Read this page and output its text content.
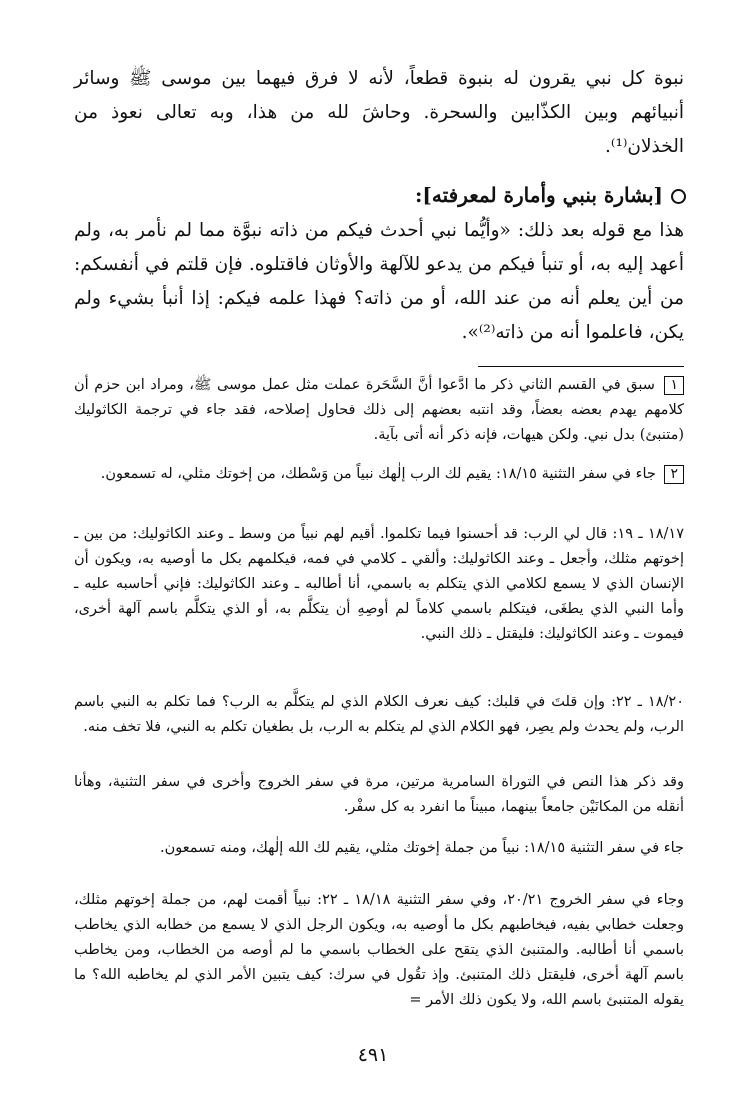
نبوة كل نبي يقرون له بنبوة قطعاً، لأنه لا فرق فيهما بين موسى ﷺ وسائر أنبيائهم وبين الكذّابين والسحرة. وحاشَ لله من هذا، وبه تعالى نعوذ من الخذلان⁽¹⁾.

[بشارة بنبي وأمارة لمعرفته]:

هذا مع قوله بعد ذلك: «وأيُّما نبي أحدث فيكم من ذاته نبوَّة مما لم نأمر به، ولم أعهد إليه به، أو تنبأ فيكم من يدعو للآلهة والأوثان فاقتلوه. فإن قلتم في أنفسكم: من أين يعلم أنه من عند الله، أو من ذاته؟ فهذا علمه فيكم: إذا أنبأ بشيء ولم يكن، فاعلموا أنه من ذاته⁽²⁾».

١ سبق في القسم الثاني ذكر ما ادَّعوا أنَّ السَّحَرة عملت مثل عمل موسى ﷺ، ومراد ابن حزم أن كلامهم يهدم بعضه بعضاً، وقد انتبه بعضهم إلى ذلك فحاول إصلاحه، فقد جاء في ترجمة الكاثوليك (متنبئ) بدل نبي. ولكن هيهات، فإنه ذكر أنه أتى بآية.

٢ جاء في سفر التثنية ١٨/١٥: يقيم لك الرب إلٰهك نبياً من وَسْطك، من إخوتك مثلي، له تسمعون.

١٨/١٧ ـ ١٩: قال لي الرب: قد أحسنوا فيما تكلموا. أقيم لهم نبياً من وسط ـ وعند الكاثوليك: من بين ـ إخوتهم مثلك، وأجعل ـ وعند الكاثوليك: وألقي ـ كلامي في فمه، فيكلمهم بكل ما أوصيه به، ويكون أن الإنسان الذي لا يسمع لكلامي الذي يتكلم به باسمي، أنا أطالبه ـ وعند الكاثوليك: فإني أحاسبه عليه ـ وأما النبي الذي يطغَى، فيتكلم باسمي كلاماً لم أوصِهِ أن يتكلَّم به، أو الذي يتكلَّم باسم آلهة أخرى، فيموت ـ وعند الكاثوليك: فليقتل ـ ذلك النبي.

١٨/٢٠ ـ ٢٢: وإن قلتَ في قلبك: كيف نعرف الكلام الذي لم يتكلَّم به الرب؟ فما تكلم به النبي باسم الرب، ولم يحدث ولم يصِر، فهو الكلام الذي لم يتكلم به الرب، بل بطغيان تكلم به النبي، فلا تخف منه.

وقد ذكر هذا النص في التوراة السامرية مرتين، مرة في سفر الخروج وأخرى في سفر التثنية، وهأنا أنقله من المكانَيْن جامعاً بينهما، مبيناً ما انفرد به كل سفْر.

جاء في سفر التثنية ١٨/١٥: نبياً من جملة إخوتك مثلي، يقيم لك الله إلٰهك، ومنه تسمعون.

وجاء في سفر الخروج ٢٠/٢١، وفي سفر التثنية ١٨/١٨ ـ ٢٢: نبياً أقمت لهم، من جملة إخوتهم مثلك، وجعلت خطابي بفيه، فيخاطبهم بكل ما أوصيه به، ويكون الرجل الذي لا يسمع من خطابه الذي يخاطب باسمي أنا أطالبه. والمتنبئ الذي يتقح على الخطاب باسمي ما لم أوصه من الخطاب، ومن يخاطب باسم آلهة أخرى، فليقتل ذلك المتنبئ. وإذ تقُول في سرك: كيف يتبين الأمر الذي لم يخاطبه الله؟ ما يقوله المتنبئ باسم الله، ولا يكون ذلك الأمر =

٤٩١
